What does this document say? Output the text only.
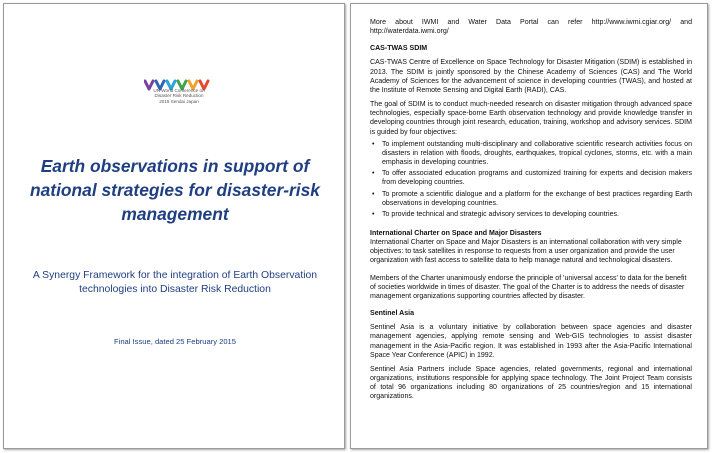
UN World Conference on
Disaster Risk Reduction
2015 Sendai Japan
Earth observations in support of national strategies for disaster-risk management
A Synergy Framework for the integration of Earth Observation technologies into Disaster Risk Reduction
Final Issue, dated 25 February 2015

More about IWMI and Water Data Portal can refer http://www.iwmi.cgiar.org/ and http://waterdata.iwmi.org/

CAS-TWAS SDIM

CAS-TWAS Centre of Excellence on Space Technology for Disaster Mitigation (SDIM) is established in 2013. The SDIM is jointly sponsored by the Chinese Academy of Sciences (CAS) and The World Academy of Sciences for the advancement of science in developing countries (TWAS), and hosted at the Institute of Remote Sensing and Digital Earth (RADI), CAS.

The goal of SDIM is to conduct much-needed research on disaster mitigation through advanced space technologies, especially space-borne Earth observation technology and provide knowledge transfer in developing countries through joint research, education, training, workshop and advisory services. SDIM is guided by four objectives:

• To implement outstanding multi-disciplinary and collaborative scientific research activities focus on disasters in relation with floods, droughts, earthquakes, tropical cyclones, storms, etc. with a main emphasis in developing countries.
• To offer associated education programs and customized training for experts and decision makers from developing countries.
• To promote a scientific dialogue and a platform for the exchange of best practices regarding Earth observations in developing countries.
• To provide technical and strategic advisory services to developing countries.

International Charter on Space and Major Disasters

International Charter on Space and Major Disasters is an international collaboration with very simple objectives: to task satellites in response to requests from a user organization and provide the user organization with fast access to satellite data to help manage natural and technological disasters.

Members of the Charter unanimously endorse the principle of 'universal access' to data for the benefit of societies worldwide in times of disaster. The goal of the Charter is to address the needs of disaster management organizations supporting countries affected by disaster.

Sentinel Asia

Sentinel Asia is a voluntary initiative by collaboration between space agencies and disaster management agencies, applying remote sensing and Web-GIS technologies to assist disaster management in the Asia-Pacific region. It was established in 1993 after the Asia-Pacific International Space Year Conference (APIC) in 1992.

Sentinel Asia Partners include Space agencies, related governments, regional and international organizations, institutions responsible for applying space technology. The Joint Project Team consists of total 96 organizations including 80 organizations of 25 countries/region and 15 international organizations.
